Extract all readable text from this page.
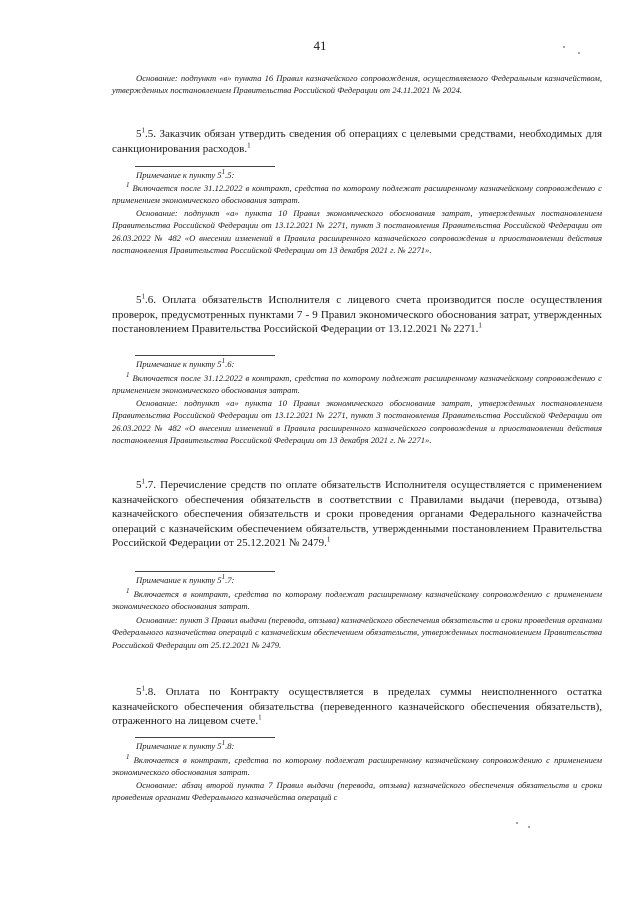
41
Основание: подпункт «в» пункта 16 Правил казначейского сопровождения, осуществляемого Федеральным казначейством, утвержденных постановлением Правительства Российской Федерации от 24.11.2021 № 2024.
$5^1.5$. Заказчик обязан утвердить сведения об операциях с целевыми средствами, необходимых для санкционирования расходов.$^1$
Примечание к пункту $5^1.5$:
$^1$ Включается после 31.12.2022 в контракт, средства по которому подлежат расширенному казначейскому сопровождению с применением экономического обоснования затрат.
Основание: подпункт «а» пункта 10 Правил экономического обоснования затрат, утвержденных постановлением Правительства Российской Федерации от 13.12.2021 № 2271, пункт 3 постановления Правительства Российской Федерации от 26.03.2022 № 482 «О внесении изменений в Правила расширенного казначейского сопровождения и приостановлении действия постановления Правительства Российской Федерации от 13 декабря 2021 г. № 2271».
$5^1.6$. Оплата обязательств Исполнителя с лицевого счета производится после осуществления проверок, предусмотренных пунктами 7 - 9 Правил экономического обоснования затрат, утвержденных постановлением Правительства Российской Федерации от 13.12.2021 № 2271.$^1$
Примечание к пункту $5^1.6$:
$^1$ Включается после 31.12.2022 в контракт, средства по которому подлежат расширенному казначейскому сопровождению с применением экономического обоснования затрат.
Основание: подпункт «а» пункта 10 Правил экономического обоснования затрат, утвержденных постановлением Правительства Российской Федерации от 13.12.2021 № 2271, пункт 3 постановления Правительства Российской Федерации от 26.03.2022 № 482 «О внесении изменений в Правила расширенного казначейского сопровождения и приостановлении действия постановления Правительства Российской Федерации от 13 декабря 2021 г. № 2271».
$5^1.7$. Перечисление средств по оплате обязательств Исполнителя осуществляется с применением казначейского обеспечения обязательств в соответствии с Правилами выдачи (перевода, отзыва) казначейского обеспечения обязательств и сроки проведения органами Федерального казначейства операций с казначейским обеспечением обязательств, утвержденными постановлением Правительства Российской Федерации от 25.12.2021 № 2479.$^1$
Примечание к пункту $5^1.7$:
$^1$ Включается в контракт, средства по которому подлежат расширенному казначейскому сопровождению с применением экономического обоснования затрат.
Основание: пункт 3 Правил выдачи (перевода, отзыва) казначейского обеспечения обязательств и сроки проведения органами Федерального казначейства операций с казначейским обеспечением обязательств, утвержденных постановлением Правительства Российской Федерации от 25.12.2021 № 2479.
$5^1.8$. Оплата по Контракту осуществляется в пределах суммы неисполненного остатка казначейского обеспечения обязательства (переведенного казначейского обеспечения обязательств), отраженного на лицевом счете.$^1$
Примечание к пункту $5^1.8$:
$^1$ Включается в контракт, средства по которому подлежат расширенному казначейскому сопровождению с применением экономического обоснования затрат.
Основание: абзац второй пункта 7 Правил выдачи (перевода, отзыва) казначейского обеспечения обязательств и сроки проведения органами Федерального казначейства операций с
